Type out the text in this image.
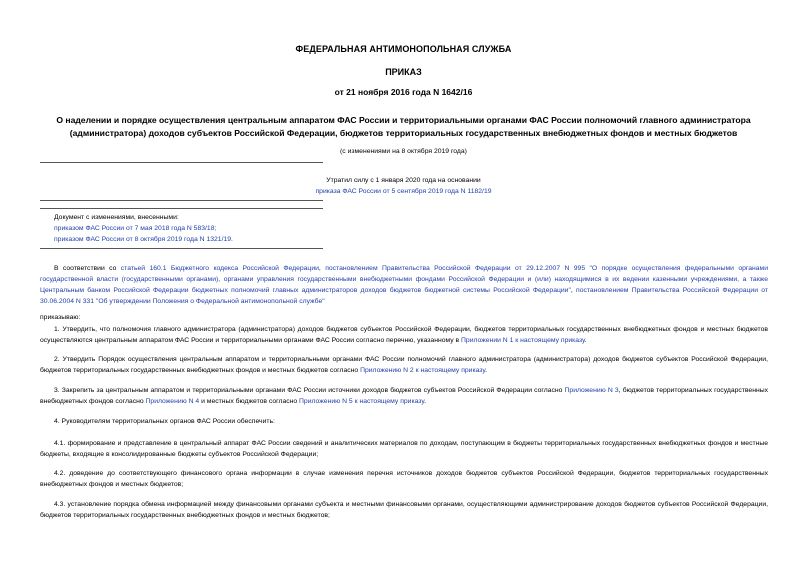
ФЕДЕРАЛЬНАЯ АНТИМОНОПОЛЬНАЯ СЛУЖБА
ПРИКАЗ
от 21 ноября 2016 года N 1642/16
О наделении и порядке осуществления центральным аппаратом ФАС России и территориальными органами ФАС России полномочий главного администратора
(администратора) доходов субъектов Российской Федерации, бюджетов территориальных государственных внебюджетных фондов и местных бюджетов
(с изменениями на 8 октября 2019 года)
Утратил силу с 1 января 2020 года на основании
приказа ФАС России от 5 сентября 2019 года N 1182/19
Документ с изменениями, внесенными:
приказом ФАС России от 7 мая 2018 года N 583/18;
приказом ФАС России от 8 октября 2019 года N 1321/19.
В соответствии со статьей 160.1 Бюджетного кодекса Российской Федерации, постановлением Правительства Российской Федерации от 29.12.2007 N 995 "О порядке осуществления федеральными органами государственной власти (государственными органами), органами управления государственными внебюджетными фондами Российской Федерации и (или) находящимися в их ведении казенными учреждениями, а также Центральным банком Российской Федерации бюджетных полномочий главных администраторов доходов бюджетов бюджетной системы Российской Федерации", постановлением Правительства Российской Федерации от 30.06.2004 N 331 "Об утверждении Положения о Федеральной антимонопольной службе"
приказываю:
1. Утвердить, что полномочия главного администратора (администратора) доходов бюджетов субъектов Российской Федерации, бюджетов территориальных государственных внебюджетных фондов и местных бюджетов осуществляются центральным аппаратом ФАС России и территориальными органами ФАС России согласно перечню, указанному в Приложении N 1 к настоящему приказу.
2. Утвердить Порядок осуществления центральным аппаратом и территориальными органами ФАС России полномочий главного администратора (администратора) доходов бюджетов субъектов Российской Федерации, бюджетов территориальных государственных внебюджетных фондов и местных бюджетов согласно Приложению N 2 к настоящему приказу.
3. Закрепить за центральным аппаратом и территориальными органами ФАС России источники доходов бюджетов субъектов Российской Федерации согласно Приложению N 3, бюджетов территориальных государственных внебюджетных фондов согласно Приложению N 4 и местных бюджетов согласно Приложению N 5 к настоящему приказу.
4. Руководителям территориальных органов ФАС России обеспечить:
4.1. формирование и представление в центральный аппарат ФАС России сведений и аналитических материалов по доходам, поступающим в бюджеты территориальных государственных внебюджетных фондов и местные бюджеты, входящие в консолидированные бюджеты субъектов Российской Федерации;
4.2. доведение до соответствующего финансового органа информации в случае изменения перечня источников доходов бюджетов субъектов Российской Федерации, бюджетов территориальных государственных внебюджетных фондов и местных бюджетов;
4.3. установление порядка обмена информацией между финансовыми органами субъекта и местными финансовыми органами, осуществляющими администрирование доходов бюджетов субъектов Российской Федерации, бюджетов территориальных государственных внебюджетных фондов и местных бюджетов;
